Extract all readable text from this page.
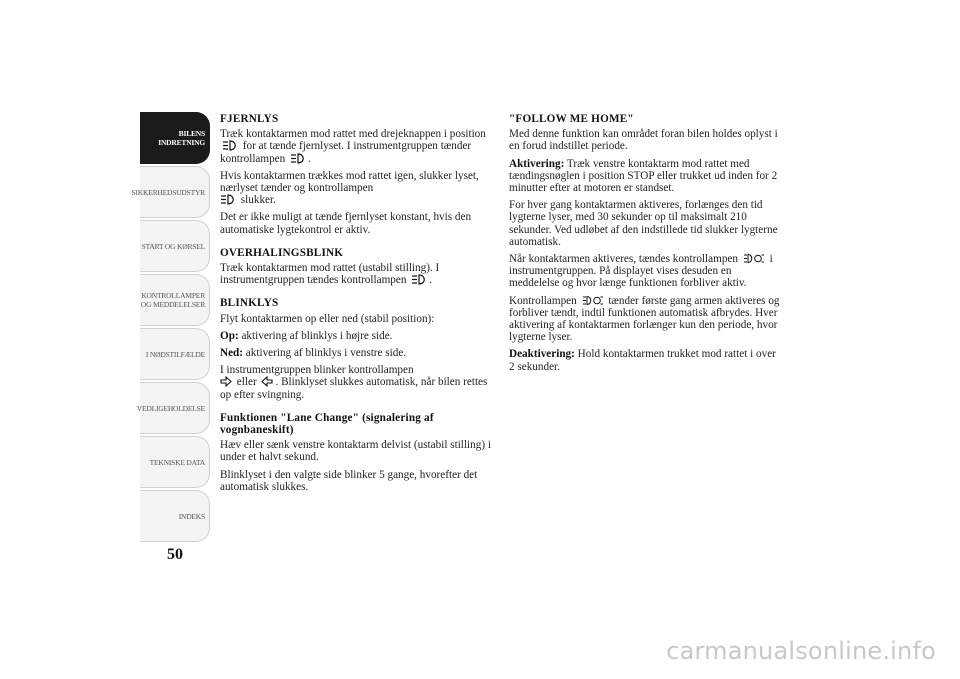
BILENS INDRETNING
SIKKERHEDSUDSTYR
START OG KØRSEL
KONTROLLAMPER OG MEDDELELSER
I NØDSTILFÆLDE
VEDLIGEHOLDELSE
TEKNISKE DATA
INDEKS
50
FJERNLYS

Træk kontaktarmen mod rattet med drejeknappen i position  for at tænde fjernlyset. I instrumentgruppen tænder kontrollampen .

Hvis kontaktarmen trækkes mod rattet igen, slukker lyset, nærlyset tænder og kontrollampen
slukker.

Det er ikke muligt at tænde fjernlyset konstant, hvis den automatiske lygtekontrol er aktiv.

OVERHALINGSBLINK

Træk kontaktarmen mod rattet (ustabil stilling). I instrumentgruppen tændes kontrollampen .

BLINKLYS

Flyt kontaktarmen op eller ned (stabil position):

Op: aktivering af blinklys i højre side.

Ned: aktivering af blinklys i venstre side.

I instrumentgruppen blinker kontrollampen
eller . Blinklyset slukkes automatisk, når bilen rettes op efter svingning.

Funktionen "Lane Change" (signalering af vognbaneskift)

Hæv eller sænk venstre kontaktarm delvist (ustabil stilling) i under et halvt sekund.

Blinklyset i den valgte side blinker 5 gange, hvorefter det automatisk slukkes.

"FOLLOW ME HOME"

Med denne funktion kan området foran bilen holdes oplyst i en forud indstillet periode.

Aktivering: Træk venstre kontaktarm mod rattet med tændingsnøglen i position STOP eller trukket ud inden for 2 minutter efter at motoren er standset.

For hver gang kontaktarmen aktiveres, forlænges den tid lygterne lyser, med 30 sekunder op til maksimalt 210 sekunder. Ved udløbet af den indstillede tid slukker lygterne automatisk.

Når kontaktarmen aktiveres, tændes kontrollampen	i instrumentgruppen. På displayet vises desuden en meddelelse og hvor længe funktionen forbliver aktiv.

Kontrollampen	tænder første gang armen aktiveres og forbliver tændt, indtil funktionen automatisk afbrydes. Hver aktivering af kontaktarmen forlænger kun den periode, hvor lygterne lyser.

Deaktivering: Hold kontaktarmen trukket mod rattet i over 2 sekunder.

carmanualsonline.info
